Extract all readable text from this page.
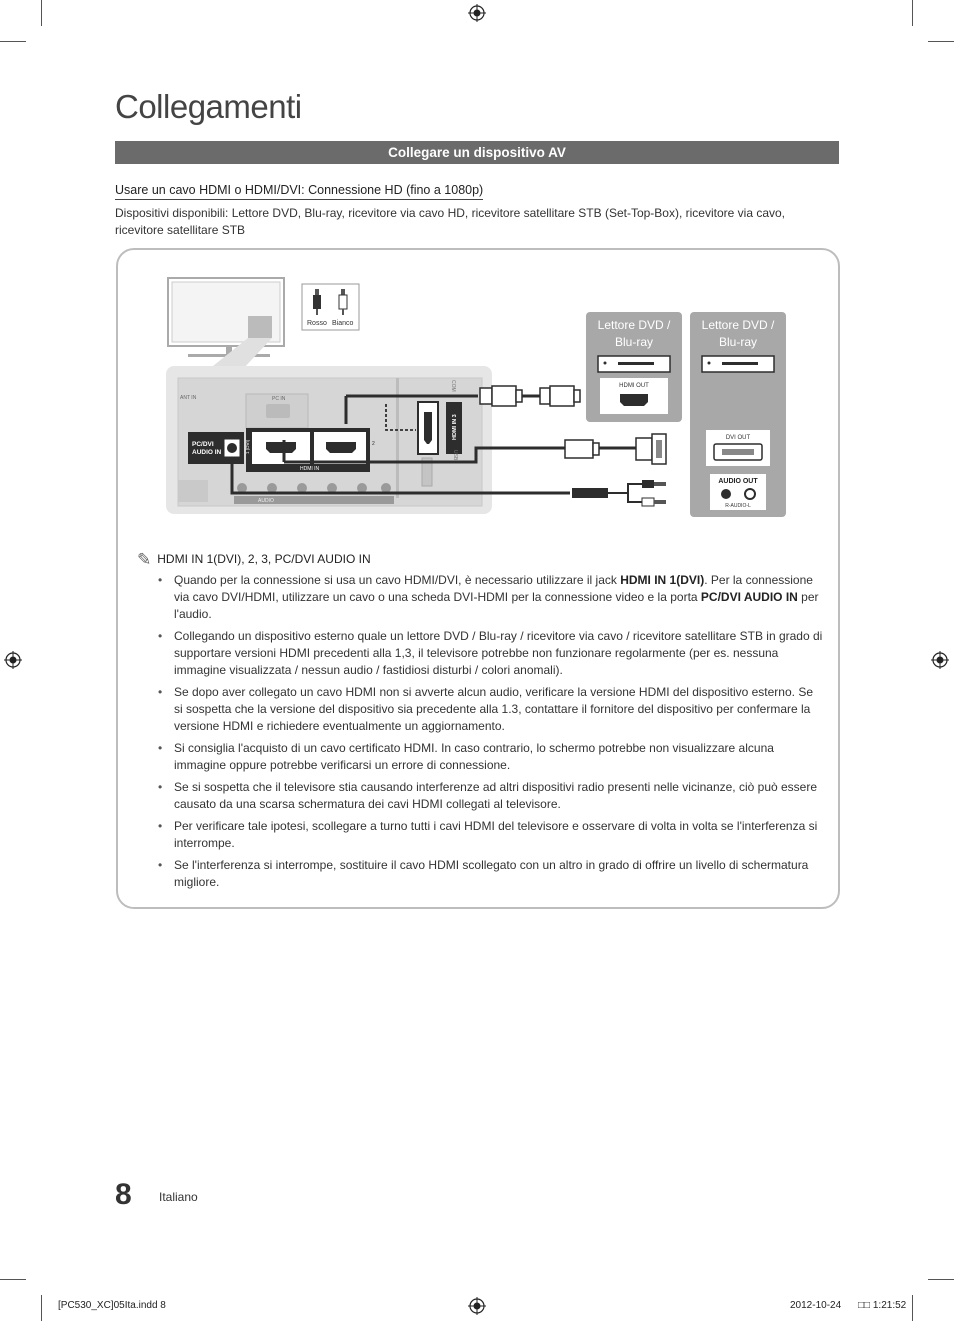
Collegamenti
Collegare un dispositivo AV
Usare un cavo HDMI o HDMI/DVI: Connessione HD (fino a 1080p)
Dispositivi disponibili: Lettore DVD, Blu-ray, ricevitore via cavo HD, ricevitore satellitare STB (Set-Top-Box), ricevitore via cavo, ricevitore satellitare STB
Rosso Bianco
ANT IN	PC IN
PC/DVI
AUDIO IN	1 (DVI)	2
HDMI IN
COM
HDMI IN 3
USB
AUDIO
Lettore DVD /
Blu-ray
HDMI OUT
Lettore DVD /
Blu-ray
DVI OUT
AUDIO OUT
R-AUDIO-L
✎ HDMI IN 1(DVI), 2, 3, PC/DVI AUDIO IN
• Quando per la connessione si usa un cavo HDMI/DVI, è necessario utilizzare il jack HDMI IN 1(DVI). Per la connessione via cavo DVI/HDMI, utilizzare un cavo o una scheda DVI-HDMI per la connessione video e la porta PC/DVI AUDIO IN per l'audio.
• Collegando un dispositivo esterno quale un lettore DVD / Blu-ray / ricevitore via cavo / ricevitore satellitare STB in grado di supportare versioni HDMI precedenti alla 1,3, il televisore potrebbe non funzionare regolarmente (per es. nessuna immagine visualizzata / nessun audio / fastidiosi disturbi / colori anomali).
• Se dopo aver collegato un cavo HDMI non si avverte alcun audio, verificare la versione HDMI del dispositivo esterno. Se si sospetta che la versione del dispositivo sia precedente alla 1.3, contattare il fornitore del dispositivo per confermare la versione HDMI e richiedere eventualmente un aggiornamento.
• Si consiglia l'acquisto di un cavo certificato HDMI. In caso contrario, lo schermo potrebbe non visualizzare alcuna immagine oppure potrebbe verificarsi un errore di connessione.
• Se si sospetta che il televisore stia causando interferenze ad altri dispositivi radio presenti nelle vicinanze, ciò può essere causato da una scarsa schermatura dei cavi HDMI collegati al televisore.
• Per verificare tale ipotesi, scollegare a turno tutti i cavi HDMI del televisore e osservare di volta in volta se l'interferenza si interrompe.
• Se l'interferenza si interrompe, sostituire il cavo HDMI scollegato con un altro in grado di offrire un livello di schermatura migliore.
8 Italiano
[PC530_XC]05Ita.indd 8	2012-10-24 □□ 1:21:52
